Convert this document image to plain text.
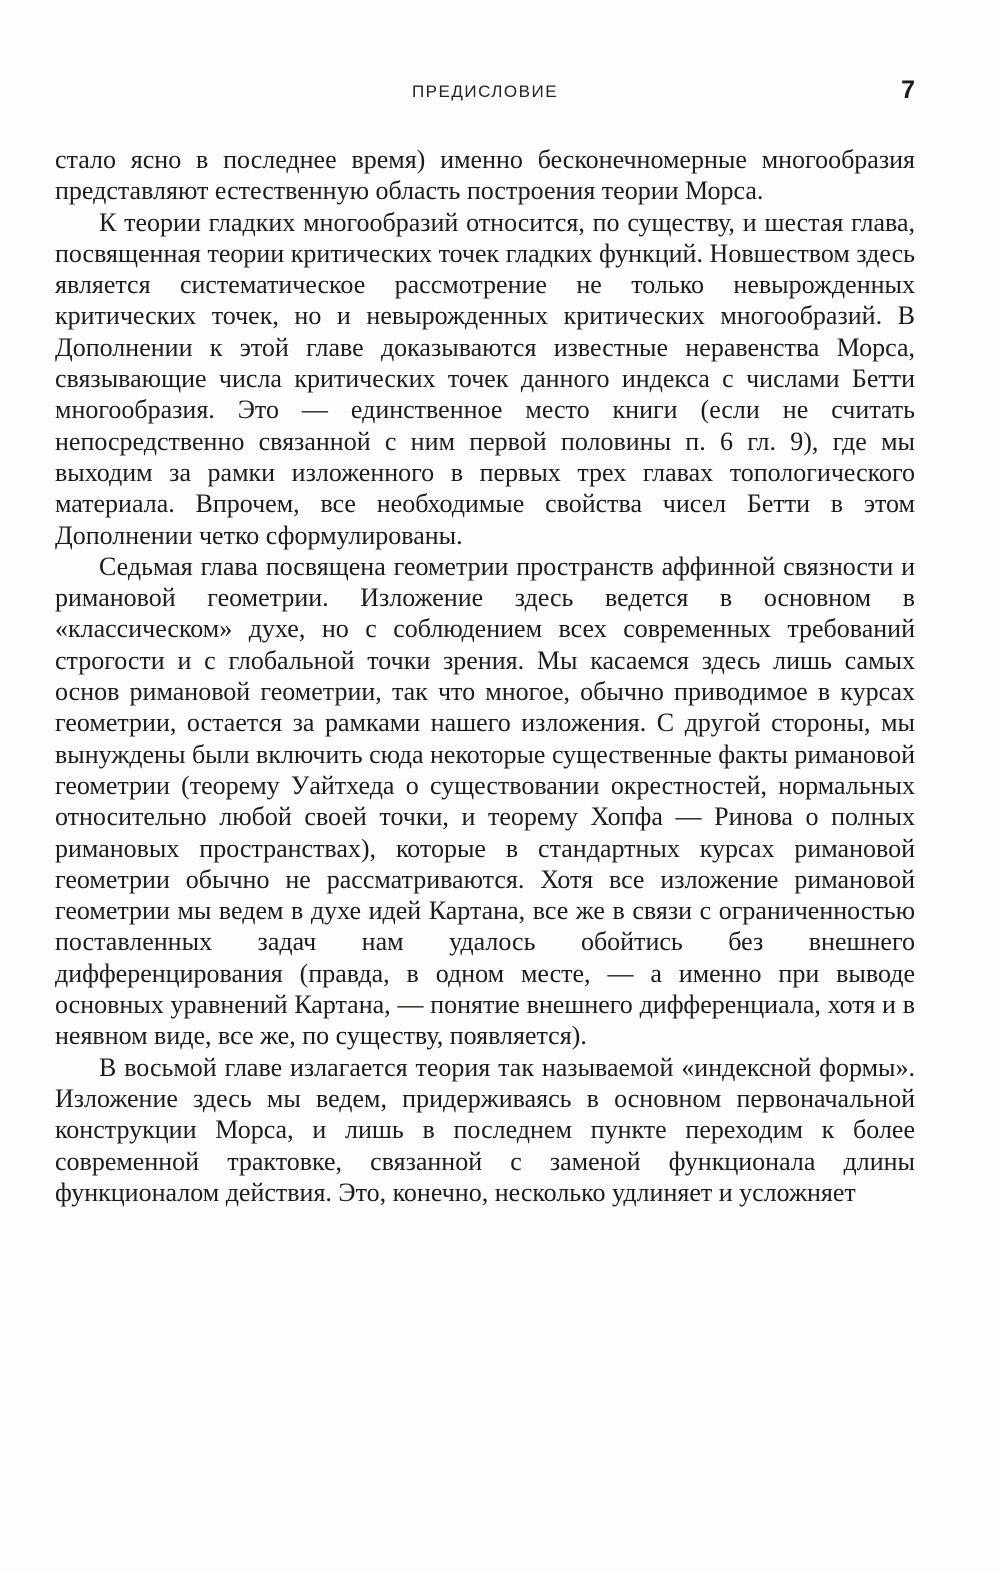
ПРЕДИСЛОВИЕ	7

стало ясно в последнее время) именно бесконечномерные многообразия представляют естественную область построения теории Морса.

К теории гладких многообразий относится, по существу, и шестая глава, посвященная теории критических точек гладких функций. Новшеством здесь является систематическое рассмотрение не только невырожденных критических точек, но и невырожденных критических многообразий. В Дополнении к этой главе доказываются известные неравенства Морса, связывающие числа критических точек данного индекса с числами Бетти многообразия. Это — единственное место книги (если не считать непосредственно связанной с ним первой половины п. 6 гл. 9), где мы выходим за рамки изложенного в первых трех главах топологического материала. Впрочем, все необходимые свойства чисел Бетти в этом Дополнении четко сформулированы.

Седьмая глава посвящена геометрии пространств аффинной связности и римановой геометрии. Изложение здесь ведется в основном в «классическом» духе, но с соблюдением всех современных требований строгости и с глобальной точки зрения. Мы касаемся здесь лишь самых основ римановой геометрии, так что многое, обычно приводимое в курсах геометрии, остается за рамками нашего изложения. С другой стороны, мы вынуждены были включить сюда некоторые существенные факты римановой геометрии (теорему Уайтхеда о существовании окрестностей, нормальных относительно любой своей точки, и теорему Хопфа — Ринова о полных римановых пространствах), которые в стандартных курсах римановой геометрии обычно не рассматриваются. Хотя все изложение римановой геометрии мы ведем в духе идей Картана, все же в связи с ограниченностью поставленных задач нам удалось обойтись без внешнего дифференцирования (правда, в одном месте, — а именно при выводе основных уравнений Картана, — понятие внешнего дифференциала, хотя и в неявном виде, все же, по существу, появляется).

В восьмой главе излагается теория так называемой «индексной формы». Изложение здесь мы ведем, придерживаясь в основном первоначальной конструкции Морса, и лишь в последнем пункте переходим к более современной трактовке, связанной с заменой функционала длины функционалом действия. Это, конечно, несколько удлиняет и усложняет
